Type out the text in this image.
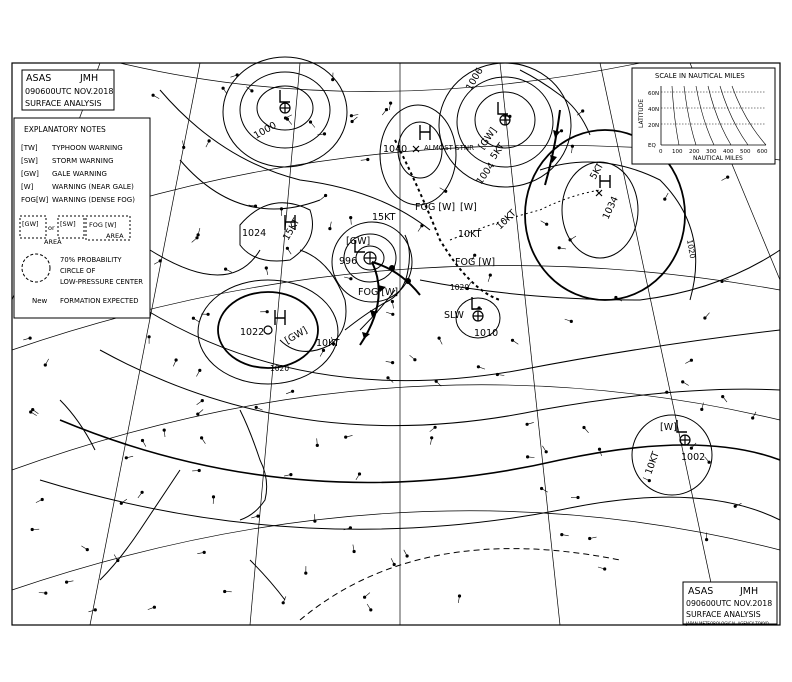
1040
1024
1022
1034
1006
996
1000
1004
1010
1002
1020
1020
1020
[GW]
[GW]
[GW]
FOG [W]
FOG [W]
FOG [W]
[W]
[W]
15KT
15KT
10KT
10KT
10KT
5KT
5KT
10KT
SLW
ALMOST STNR
ASAS	JMH
090600UTC NOV.2018
SURFACE ANALYSIS
EXPLANATORY NOTES
[TW] TYPHOON WARNING
[SW] STORM WARNING
[GW] GALE WARNING
[W]	WARNING (NEAR GALE)
FOG[W] WARNING (DENSE FOG)
[GW] or [SW]
AREA
FOG [W]
AREA
70% PROBABILITY
CIRCLE OF
LOW-PRESSURE CENTER
New FORMATION EXPECTED
SCALE IN NAUTICAL MILES
LATITUDE
60N
40N
20N
EQ
0 100 200 300 400 500 600
NAUTICAL MILES
ASAS	JMH
090600UTC NOV.2018
SURFACE ANALYSIS
JAPAN METEOROLOGICAL AGENCY TOKYO
